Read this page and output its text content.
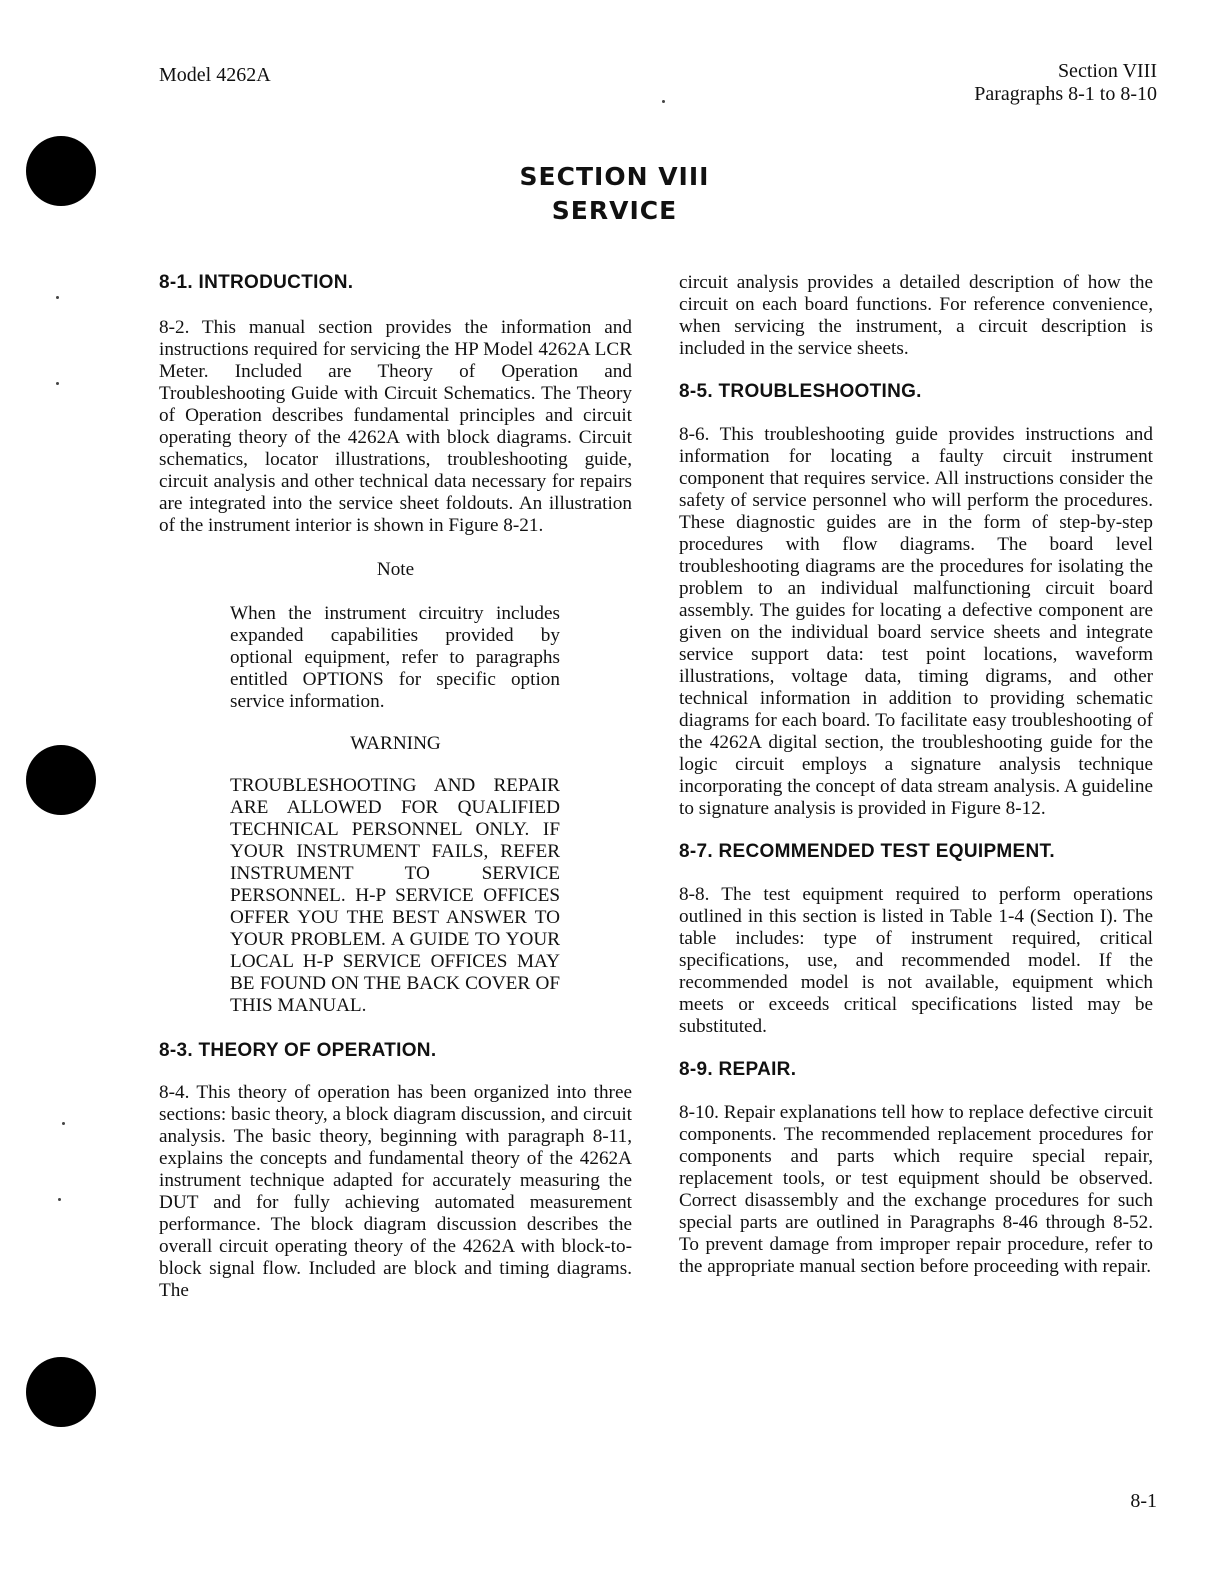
Model 4262A	Section VIII
Paragraphs 8-1 to 8-10
SECTION VIII
SERVICE
8-1. INTRODUCTION.

8-2. This manual section provides the information and instructions required for servicing the HP Model 4262A LCR Meter. Included are Theory of Operation and Troubleshooting Guide with Circuit Schematics. The Theory of Operation describes fundamental principles and circuit operating theory of the 4262A with block diagrams. Circuit schematics, locator illustrations, troubleshooting guide, circuit analysis and other technical data necessary for repairs are integrated into the service sheet foldouts. An illustration of the instrument interior is shown in Figure 8-21.

Note

When the instrument circuitry includes expanded capabilities provided by optional equipment, refer to paragraphs entitled OPTIONS for specific option service information.

WARNING

TROUBLESHOOTING AND REPAIR ARE ALLOWED FOR QUALIFIED TECHNICAL PERSONNEL ONLY. IF YOUR INSTRUMENT FAILS, REFER INSTRUMENT TO SERVICE PERSONNEL. H-P SERVICE OFFICES OFFER YOU THE BEST ANSWER TO YOUR PROBLEM. A GUIDE TO YOUR LOCAL H-P SERVICE OFFICES MAY BE FOUND ON THE BACK COVER OF THIS MANUAL.

8-3. THEORY OF OPERATION.

8-4. This theory of operation has been organized into three sections: basic theory, a block diagram discussion, and circuit analysis. The basic theory, beginning with paragraph 8-11, explains the concepts and fundamental theory of the 4262A instrument technique adapted for accurately measuring the DUT and for fully achieving automated measurement performance. The block diagram discussion describes the overall circuit operating theory of the 4262A with block-to-block signal flow. Included are block and timing diagrams. The

circuit analysis provides a detailed description of how the circuit on each board functions. For reference convenience, when servicing the instrument, a circuit description is included in the service sheets.

8-5. TROUBLESHOOTING.

8-6. This troubleshooting guide provides instructions and information for locating a faulty circuit instrument component that requires service. All instructions consider the safety of service personnel who will perform the procedures. These diagnostic guides are in the form of step-by-step procedures with flow diagrams. The board level troubleshooting diagrams are the procedures for isolating the problem to an individual malfunctioning circuit board assembly. The guides for locating a defective component are given on the individual board service sheets and integrate service support data: test point locations, waveform illustrations, voltage data, timing digrams, and other technical information in addition to providing schematic diagrams for each board. To facilitate easy troubleshooting of the 4262A digital section, the troubleshooting guide for the logic circuit employs a signature analysis technique incorporating the concept of data stream analysis. A guideline to signature analysis is provided in Figure 8-12.

8-7. RECOMMENDED TEST EQUIPMENT.

8-8. The test equipment required to perform operations outlined in this section is listed in Table 1-4 (Section I). The table includes: type of instrument required, critical specifications, use, and recommended model. If the recommended model is not available, equipment which meets or exceeds critical specifications listed may be substituted.

8-9. REPAIR.

8-10. Repair explanations tell how to replace defective circuit components. The recommended replacement procedures for components and parts which require special repair, replacement tools, or test equipment should be observed. Correct disassembly and the exchange procedures for such special parts are outlined in Paragraphs 8-46 through 8-52. To prevent damage from improper repair procedure, refer to the appropriate manual section before proceeding with repair.

8-1
